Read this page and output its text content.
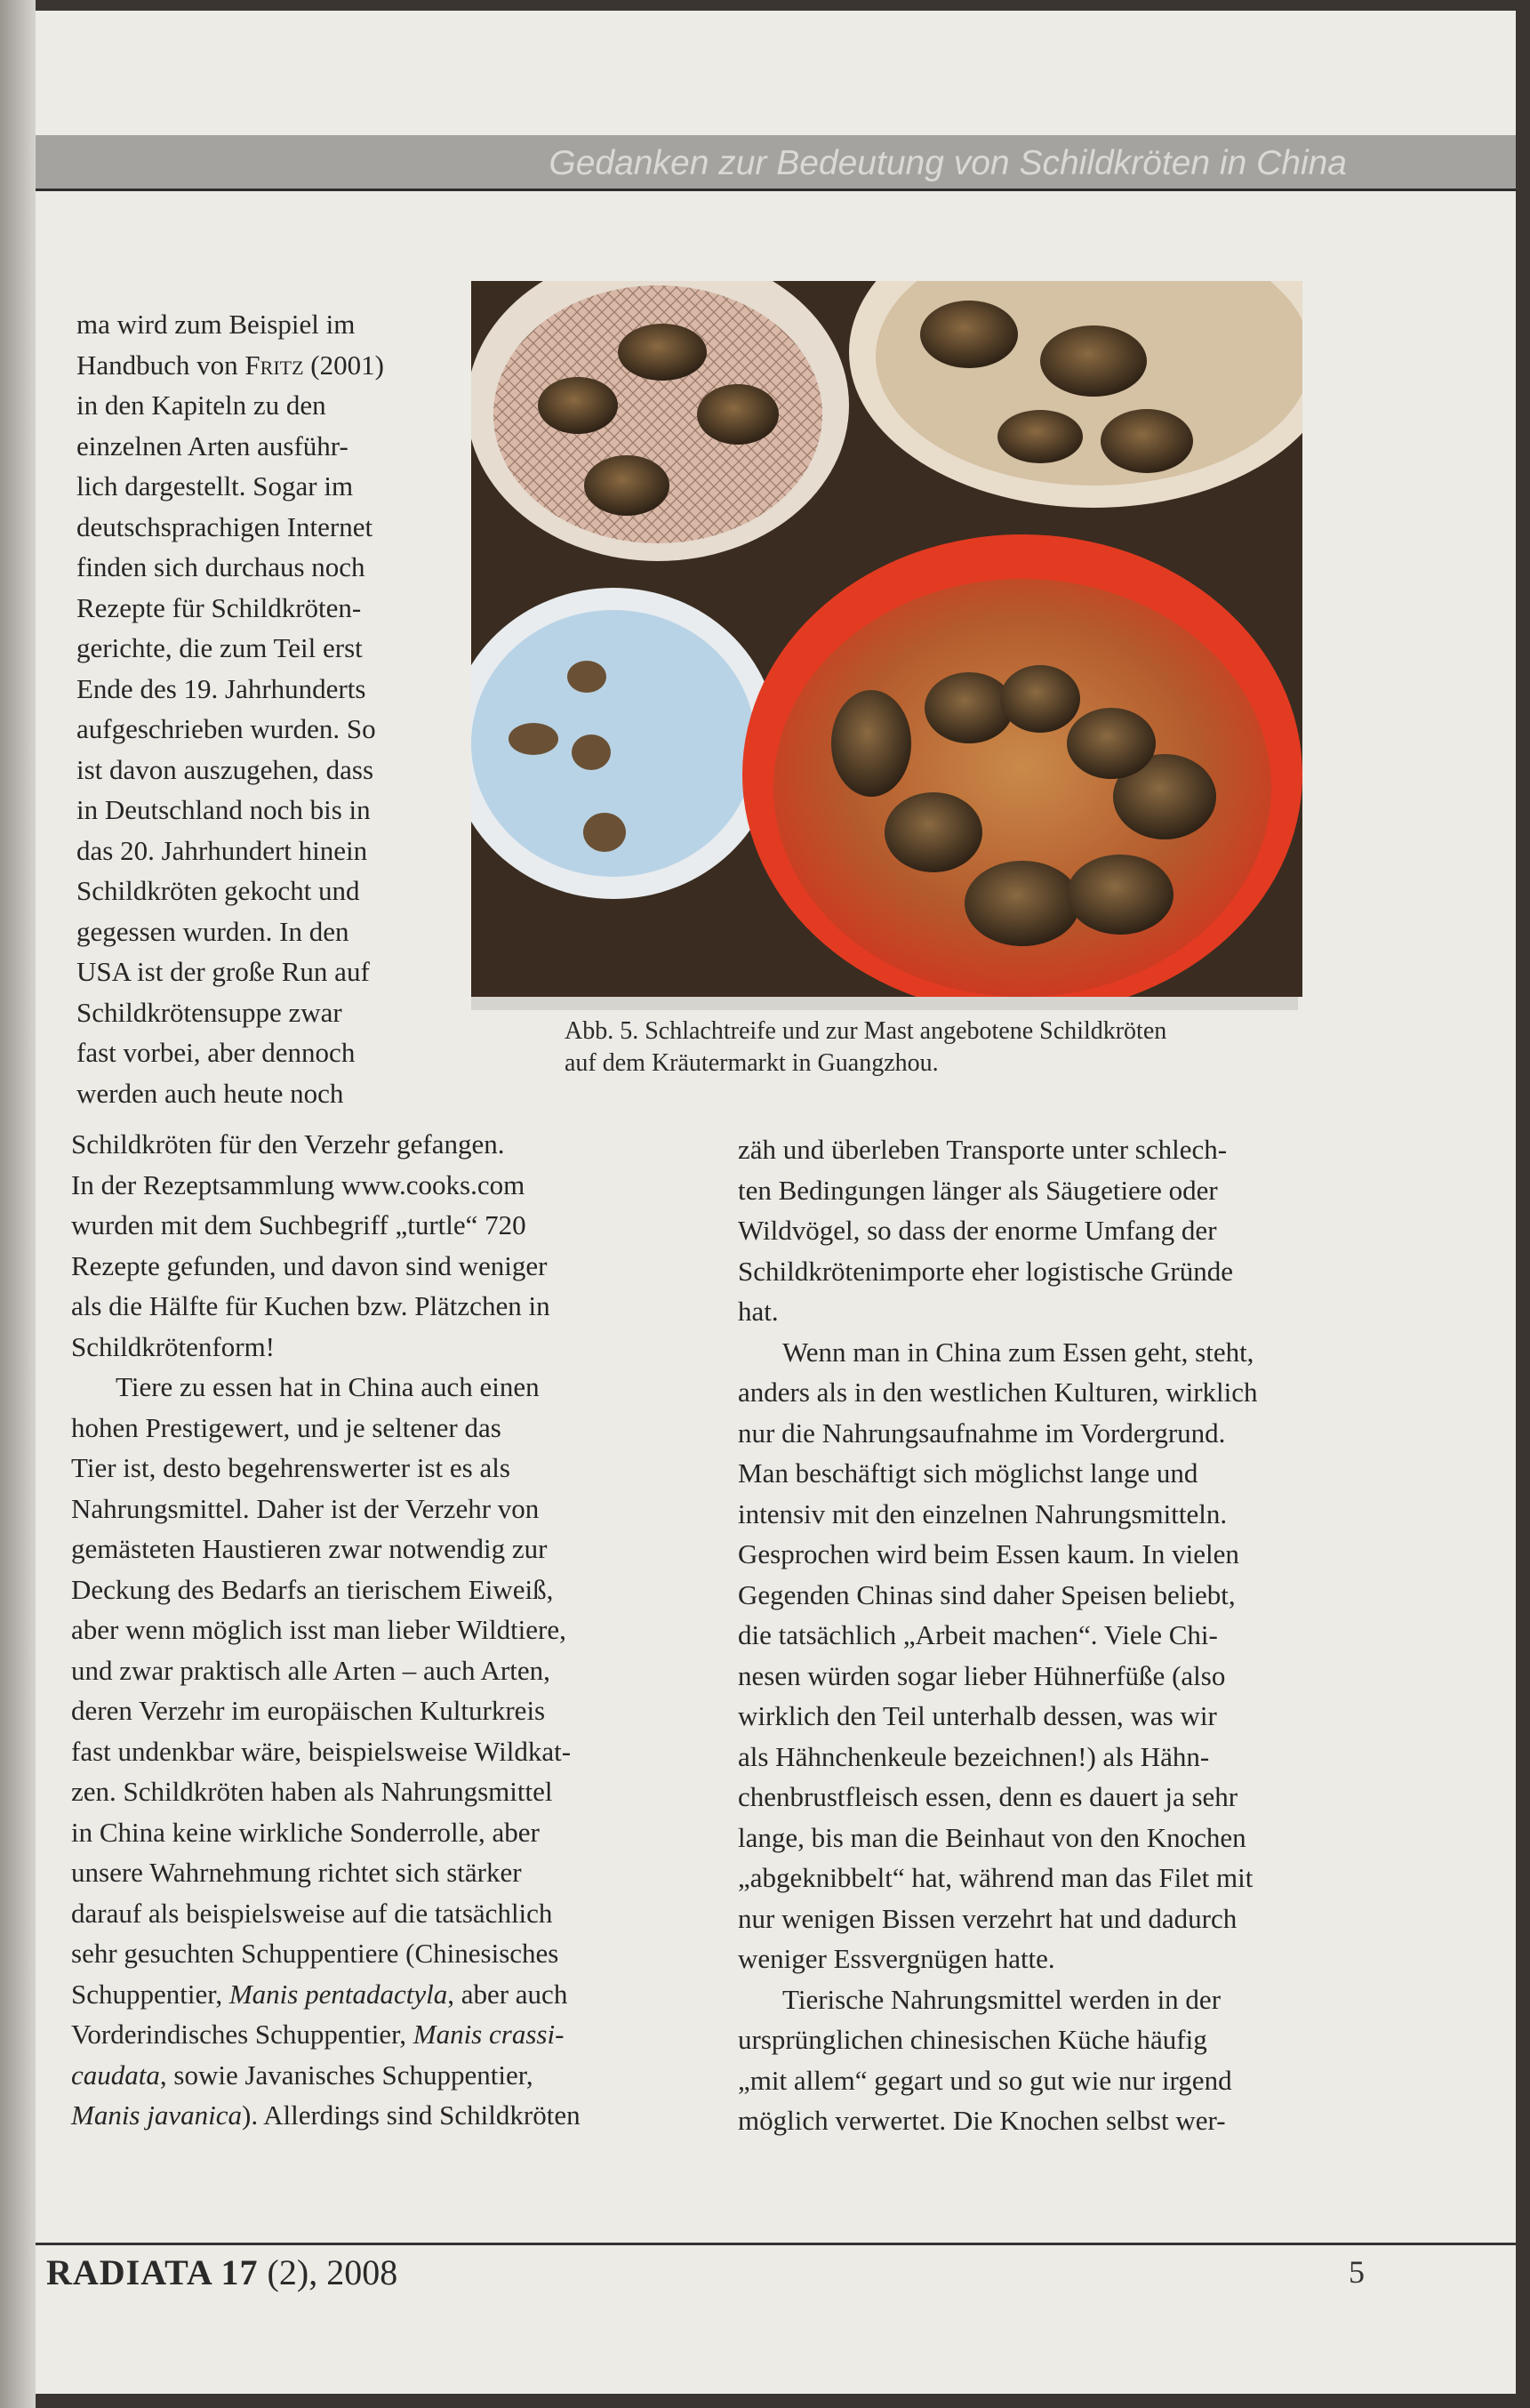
Gedanken zur Bedeutung von Schildkröten in China

ma wird zum Beispiel im

Handbuch von Fritz (2001)

in den Kapiteln zu den

einzelnen Arten ausführ-

lich dargestellt. Sogar im

deutschsprachigen Internet

finden sich durchaus noch

Rezepte für Schildkröten-

gerichte, die zum Teil erst

Ende des 19. Jahrhunderts

aufgeschrieben wurden. So

ist davon auszugehen, dass

in Deutschland noch bis in

das 20. Jahrhundert hinein

Schildkröten gekocht und

gegessen wurden. In den

USA ist der große Run auf

Schildkrötensuppe zwar

fast vorbei, aber dennoch

werden auch heute noch

Schildkröten für den Verzehr gefangen.

In der Rezeptsammlung www.cooks.com

wurden mit dem Suchbegriff „turtle“ 720

Rezepte gefunden, und davon sind weniger

als die Hälfte für Kuchen bzw. Plätzchen in

Schildkrötenform!

Tiere zu essen hat in China auch einen

hohen Prestigewert, und je seltener das

Tier ist, desto begehrenswerter ist es als

Nahrungsmittel. Daher ist der Verzehr von

gemästeten Haustieren zwar notwendig zur

Deckung des Bedarfs an tierischem Eiweiß,

aber wenn möglich isst man lieber Wildtiere,

und zwar praktisch alle Arten – auch Arten,

deren Verzehr im europäischen Kulturkreis

fast undenkbar wäre, beispielsweise Wildkat-

zen. Schildkröten haben als Nahrungsmittel

in China keine wirkliche Sonderrolle, aber

unsere Wahrnehmung richtet sich stärker

darauf als beispielsweise auf die tatsächlich

sehr gesuchten Schuppentiere (Chinesisches

Schuppentier, Manis pentadactyla, aber auch

Vorderindisches Schuppentier, Manis crassi-

caudata, sowie Javanisches Schuppentier,

Manis javanica). Allerdings sind Schildkröten

zäh und überleben Transporte unter schlech-

ten Bedingungen länger als Säugetiere oder

Wildvögel, so dass der enorme Umfang der

Schildkrötenimporte eher logistische Gründe

hat.

Wenn man in China zum Essen geht, steht,

anders als in den westlichen Kulturen, wirklich

nur die Nahrungsaufnahme im Vordergrund.

Man beschäftigt sich möglichst lange und

intensiv mit den einzelnen Nahrungsmitteln.

Gesprochen wird beim Essen kaum. In vielen

Gegenden Chinas sind daher Speisen beliebt,

die tatsächlich „Arbeit machen“. Viele Chi-

nesen würden sogar lieber Hühnerfüße (also

wirklich den Teil unterhalb dessen, was wir

als Hähnchenkeule bezeichnen!) als Hähn-

chenbrustfleisch essen, denn es dauert ja sehr

lange, bis man die Beinhaut von den Knochen

„abgeknibbelt“ hat, während man das Filet mit

nur wenigen Bissen verzehrt hat und dadurch

weniger Essvergnügen hatte.

Tierische Nahrungsmittel werden in der

ursprünglichen chinesischen Küche häufig

„mit allem“ gegart und so gut wie nur irgend

möglich verwertet. Die Knochen selbst wer-

Abb. 5. Schlachtreife und zur Mast angebotene Schildkröten
auf dem Kräutermarkt in Guangzhou.
RADIATA 17 (2), 2008	5
